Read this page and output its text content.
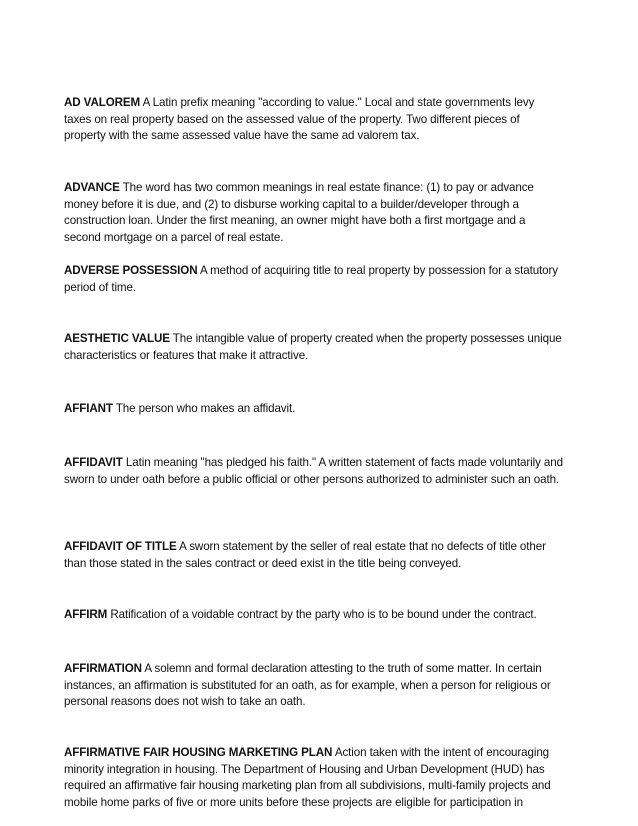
AD VALOREM A Latin prefix meaning "according to value." Local and state governments levy taxes on real property based on the assessed value of the property. Two different pieces of property with the same assessed value have the same ad valorem tax.

ADVANCE The word has two common meanings in real estate finance: (1) to pay or advance money before it is due, and (2) to disburse working capital to a builder/developer through a construction loan. Under the first meaning, an owner might have both a first mortgage and a second mortgage on a parcel of real estate.

ADVERSE POSSESSION A method of acquiring title to real property by possession for a statutory period of time.

AESTHETIC VALUE The intangible value of property created when the property possesses unique characteristics or features that make it attractive.

AFFIANT The person who makes an affidavit.

AFFIDAVIT Latin meaning "has pledged his faith." A written statement of facts made voluntarily and sworn to under oath before a public official or other persons authorized to administer such an oath.

AFFIDAVIT OF TITLE A sworn statement by the seller of real estate that no defects of title other than those stated in the sales contract or deed exist in the title being conveyed.

AFFIRM Ratification of a voidable contract by the party who is to be bound under the contract.

AFFIRMATION A solemn and formal declaration attesting to the truth of some matter. In certain instances, an affirmation is substituted for an oath, as for example, when a person for religious or personal reasons does not wish to take an oath.

AFFIRMATIVE FAIR HOUSING MARKETING PLAN Action taken with the intent of encouraging minority integration in housing. The Department of Housing and Urban Development (HUD) has required an affirmative fair housing marketing plan from all subdivisions, multi-family projects and mobile home parks of five or more units before these projects are eligible for participation in
